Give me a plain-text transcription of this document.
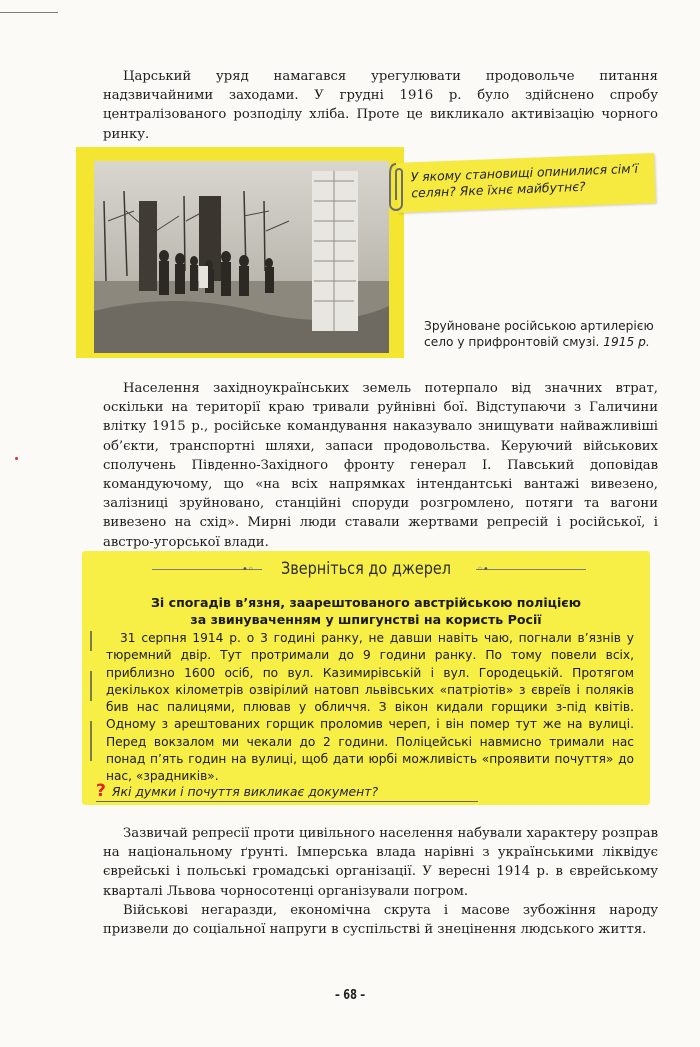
Царський уряд намагався урегулювати продовольче питання надзвичайними заходами. У грудні 1916 р. було здійснено спробу централізованого розподілу хліба. Проте це викликало активізацію чорного ринку.

У якому становищі опинилися сім’ї селян? Яке їхнє майбутнє?
Зруйноване російською артилерією село у прифронтовій смузі. 1915 р.

Населення західноукраїнських земель потерпало від значних втрат, оскільки на території краю тривали руйнівні бої. Відступаючи з Галичини влітку 1915 р., російське командування наказувало знищувати найважливіші об’єкти, транспортні шляхи, запаси продовольства. Керуючий військових сполучень Південно-Західного фронту генерал І. Павський доповідав командуючому, що «на всіх напрямках інтендантські вантажі вивезено, залізниці зруйновано, станційні споруди розгромлено, потяги та вагони вивезено на схід». Мирні люди ставали жертвами репресій і російської, і австро-угорської влади.

•◦	◦•
Зверніться до джерел
Зі спогадів в’язня, заарештованого австрійською поліцією
за звинуваченням у шпигунстві на користь Росії

31 серпня 1914 р. о 3 годині ранку, не давши навіть чаю, погнали в’язнів у тюремний двір. Тут протримали до 9 години ранку. По тому повели всіх, приблизно 1600 осіб, по вул. Казимирівській і вул. Городецькій. Протягом декількох кілометрів озвірілий натовп львівських «патріотів» з євреїв і поляків бив нас палицями, плював у обличчя. З вікон кидали горщики з-під квітів. Одному з арештованих горщик проломив череп, і він помер тут же на вулиці. Перед вокзалом ми чекали до 2 години. Поліцейські навмисно тримали нас понад п’ять годин на вулиці, щоб дати юрбі можливість «проявити почуття» до нас, «зрадників».

? Які думки і почуття викликає документ?

Зазвичай репресії проти цивільного населення набували характеру розправ на національному ґрунті. Імперська влада нарівні з українськими ліквідує єврейські і польські громадські організації. У вересні 1914 р. в єврейському кварталі Львова чорносотенці організували погром.

Військові негаразди, економічна скрута і масове зубожіння народу призвели до соціальної напруги в суспільстві й знецінення людського життя.

– 68 –
